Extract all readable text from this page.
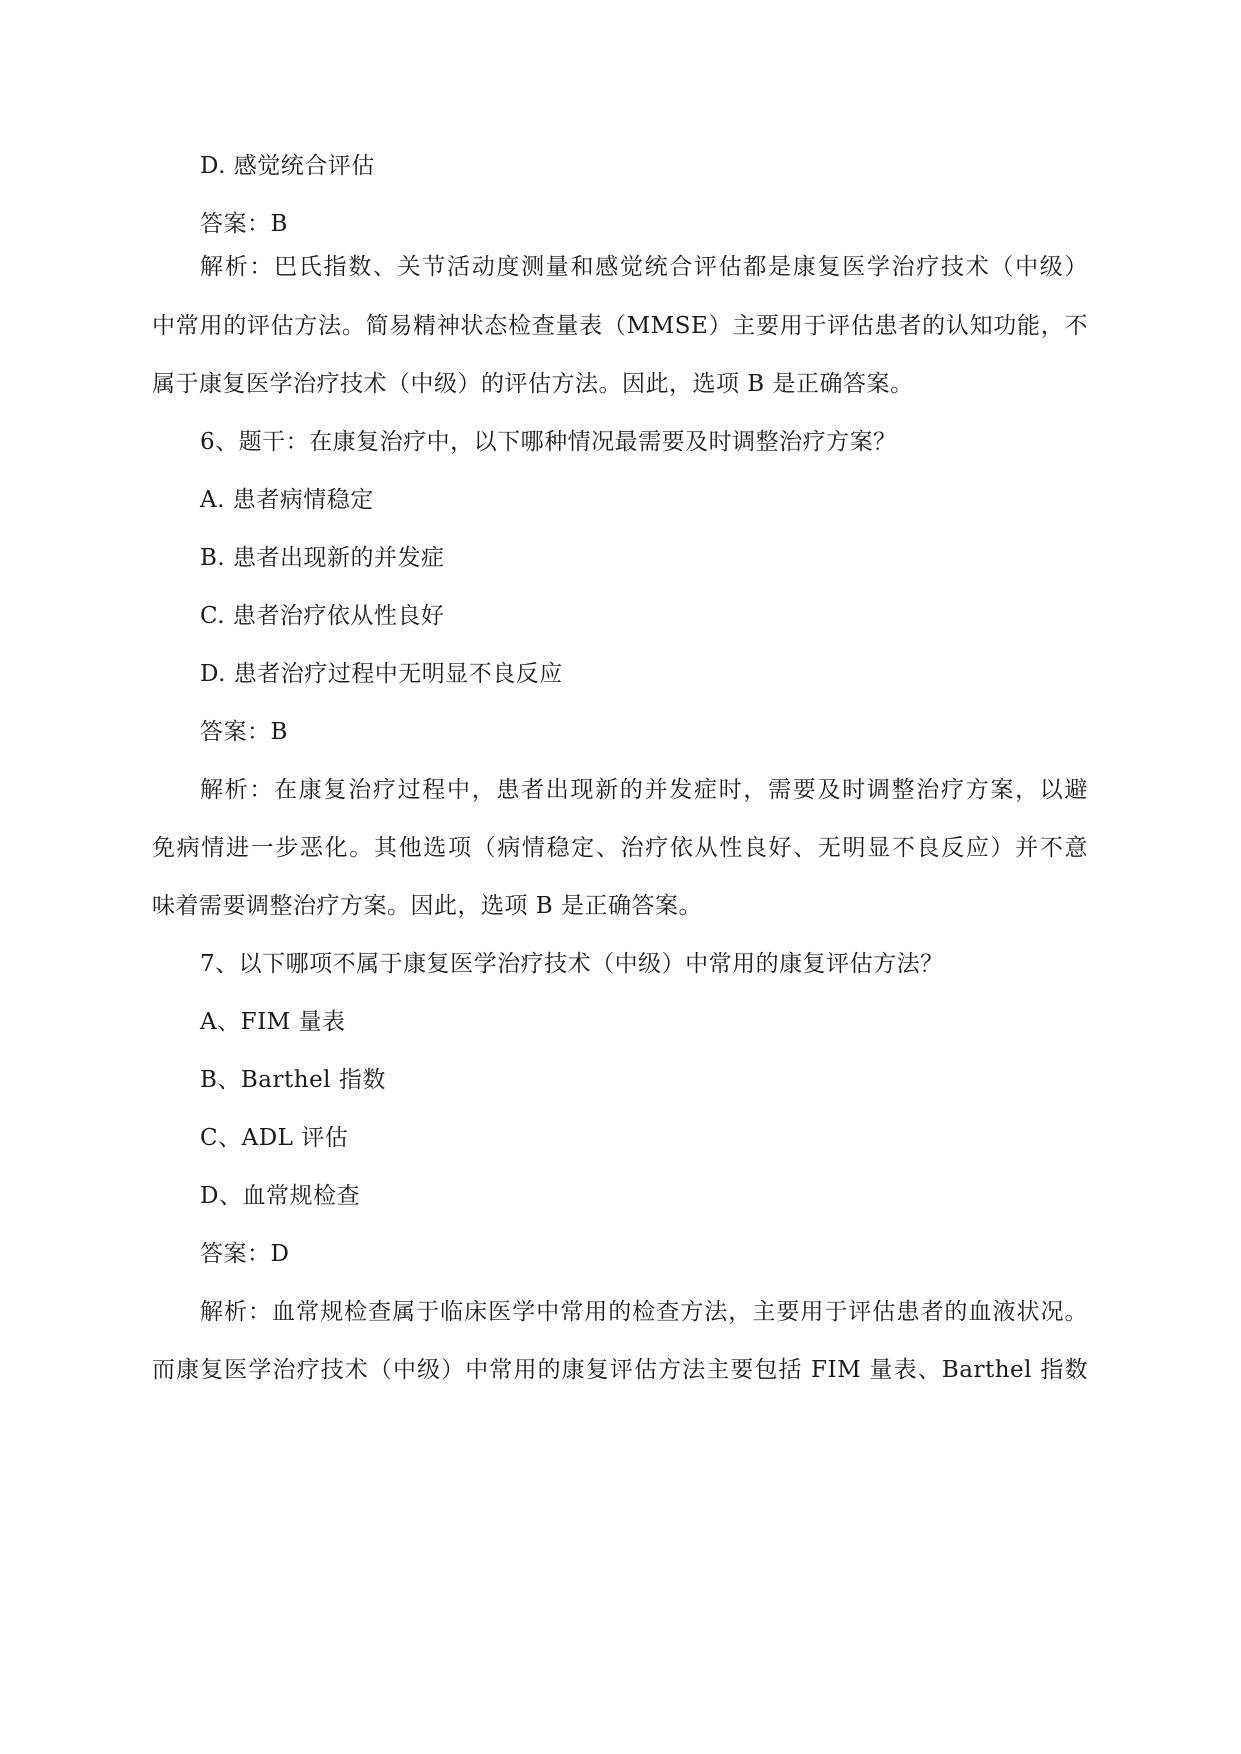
D. 感觉统合评估
答案：B
解析：巴氏指数、关节活动度测量和感觉统合评估都是康复医学治疗技术（中级）
中常用的评估方法。简易精神状态检查量表（MMSE）主要用于评估患者的认知功能，不
属于康复医学治疗技术（中级）的评估方法。因此，选项 B 是正确答案。
6、题干：在康复治疗中，以下哪种情况最需要及时调整治疗方案？
A. 患者病情稳定
B. 患者出现新的并发症
C. 患者治疗依从性良好
D. 患者治疗过程中无明显不良反应
答案：B
解析：在康复治疗过程中，患者出现新的并发症时，需要及时调整治疗方案，以避
免病情进一步恶化。其他选项（病情稳定、治疗依从性良好、无明显不良反应）并不意
味着需要调整治疗方案。因此，选项 B 是正确答案。
7、以下哪项不属于康复医学治疗技术（中级）中常用的康复评估方法？
A、FIM 量表
B、Barthel 指数
C、ADL 评估
D、血常规检查
答案：D
解析：血常规检查属于临床医学中常用的检查方法，主要用于评估患者的血液状况。
而康复医学治疗技术（中级）中常用的康复评估方法主要包括 FIM 量表、Barthel 指数
